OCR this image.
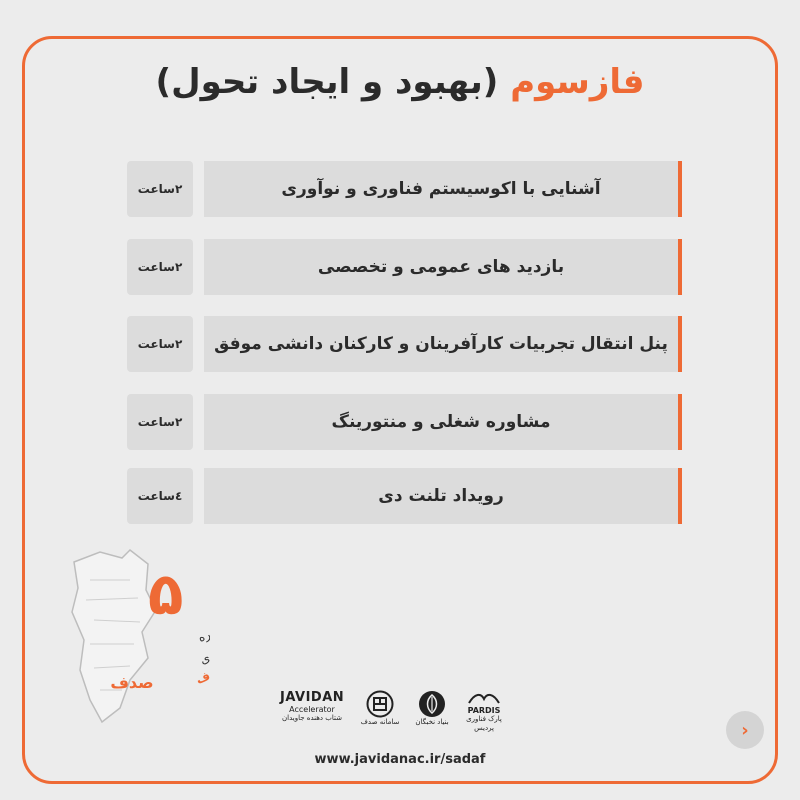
فازسوم (بهبود و ایجاد تحول)
آشنایی با اکوسیستم فناوری و نوآوری
۲ساعت
بازدید های عمومی و تخصصی
۲ساعت
پنل انتقال تجربیات کارآفرینان و کارکنان دانشی موفق
۲ساعت
مشاوره شغلی و منتورینگ
۲ساعت
رویداد تلنت دی
٤ساعت
۵
صدف
دوره
توانمندسازی
صدف
JAVIDAN
Accelerator
شتاب دهنده جاویدان	سامانه صدف	بنیاد نخبگان
PARDIS
پارک فناوری پردیس
www.javidanac.ir/sadaf
›
